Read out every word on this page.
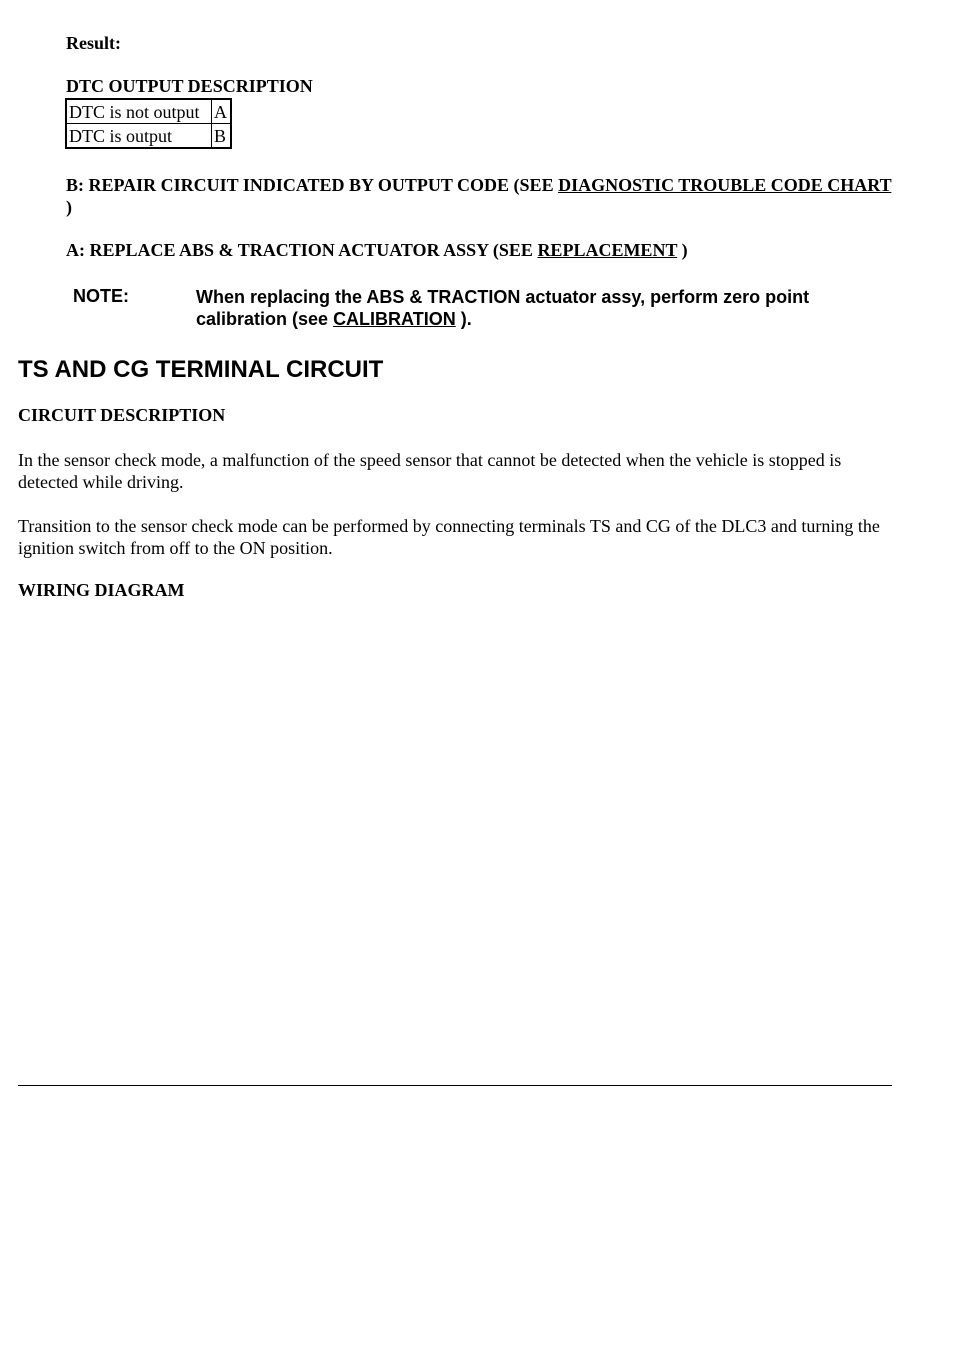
Result:
DTC OUTPUT DESCRIPTION
DTC is not output	A
DTC is output	B
B: REPAIR CIRCUIT INDICATED BY OUTPUT CODE (SEE DIAGNOSTIC TROUBLE CODE CHART )
A: REPLACE ABS & TRACTION ACTUATOR ASSY (SEE REPLACEMENT )
NOTE:	When replacing the ABS & TRACTION actuator assy, perform zero point calibration (see CALIBRATION ).
TS AND CG TERMINAL CIRCUIT
CIRCUIT DESCRIPTION
In the sensor check mode, a malfunction of the speed sensor that cannot be detected when the vehicle is stopped is detected while driving.
Transition to the sensor check mode can be performed by connecting terminals TS and CG of the DLC3 and turning the ignition switch from off to the ON position.
WIRING DIAGRAM
